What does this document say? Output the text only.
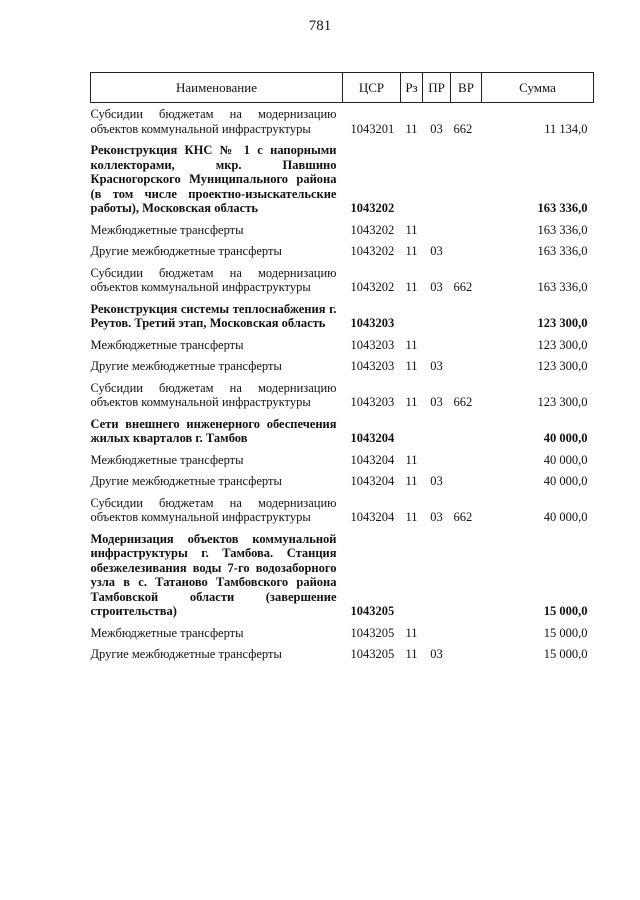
781
Наименование	ЦСР	Рз	ПР	ВР	Сумма
Субсидии бюджетам на модернизацию объектов коммунальной инфраструктуры	1043201	11	03	662	11 134,0
Реконструкция КНС № 1 с напорными коллекторами, мкр. Павшино Красногорского Муниципального района (в том числе проектно-изыскательские работы), Московская область	1043202				163 336,0
Межбюджетные трансферты	1043202	11			163 336,0
Другие межбюджетные трансферты	1043202	11	03		163 336,0
Субсидии бюджетам на модернизацию объектов коммунальной инфраструктуры	1043202	11	03	662	163 336,0
Реконструкция системы теплоснабжения г. Реутов. Третий этап, Московская область	1043203				123 300,0
Межбюджетные трансферты	1043203	11			123 300,0
Другие межбюджетные трансферты	1043203	11	03		123 300,0
Субсидии бюджетам на модернизацию объектов коммунальной инфраструктуры	1043203	11	03	662	123 300,0
Сети внешнего инженерного обеспечения жилых кварталов г. Тамбов	1043204				40 000,0
Межбюджетные трансферты	1043204	11			40 000,0
Другие межбюджетные трансферты	1043204	11	03		40 000,0
Субсидии бюджетам на модернизацию объектов коммунальной инфраструктуры	1043204	11	03	662	40 000,0
Модернизация объектов коммунальной инфраструктуры г. Тамбова. Станция обезжелезивания воды 7-го водозаборного узла в с. Татаново Тамбовского района Тамбовской области (завершение строительства)	1043205				15 000,0
Межбюджетные трансферты	1043205	11			15 000,0
Другие межбюджетные трансферты	1043205	11	03		15 000,0
